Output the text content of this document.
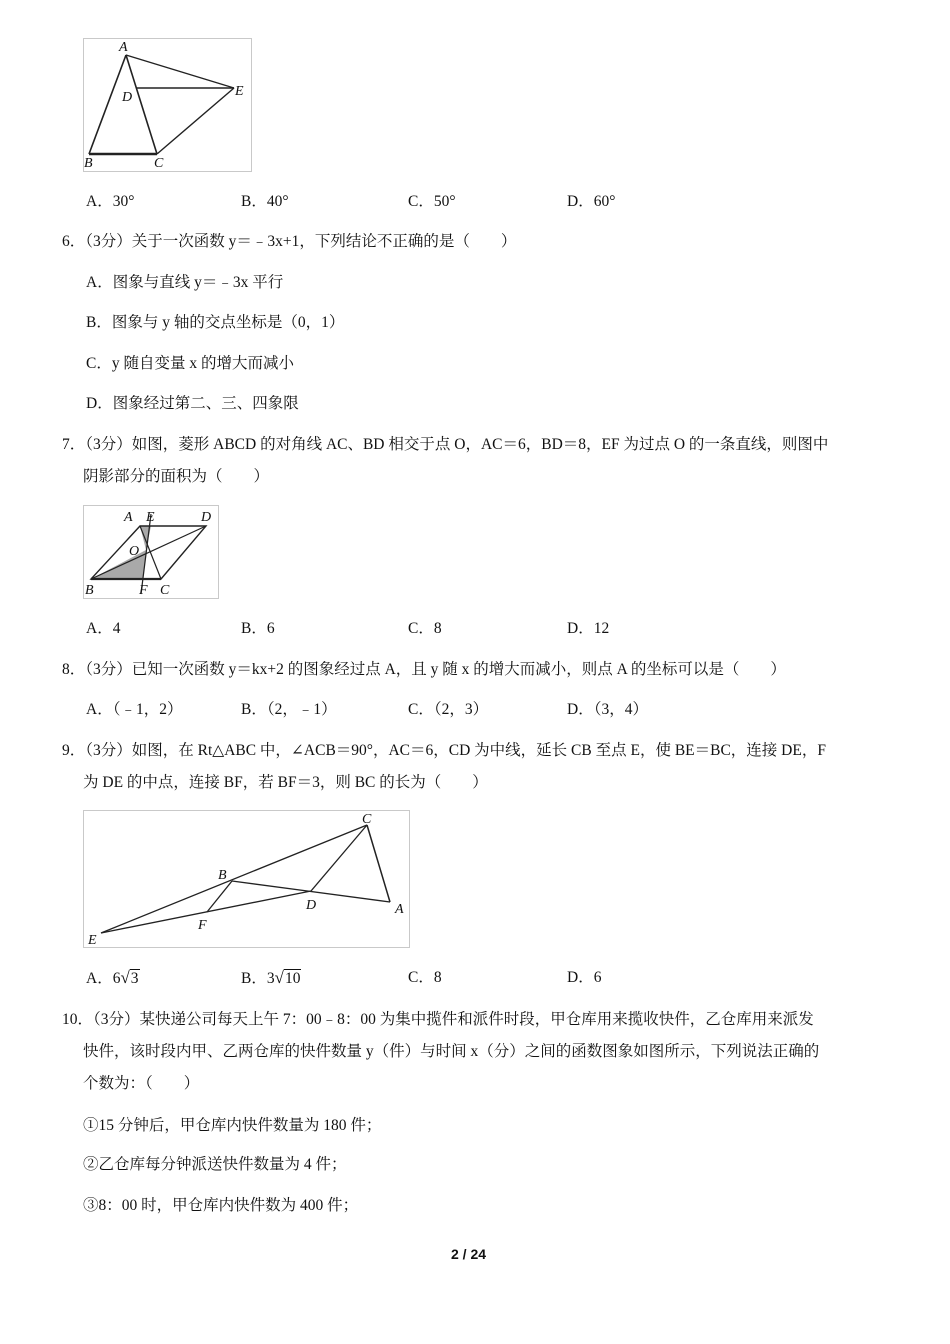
A
D	E
B	C
A．30°	B．40°	C．50°	D．60°
6．（3分）关于一次函数 y＝﹣3x+1，下列结论不正确的是（　　）
A．图象与直线 y＝﹣3x 平行
B．图象与 y 轴的交点坐标是（0，1）
C．y 随自变量 x 的增大而减小
D．图象经过第二、三、四象限
7．（3分）如图，菱形 ABCD 的对角线 AC、BD 相交于点 O，AC＝6，BD＝8，EF 为过点 O 的一条直线，则图中
阴影部分的面积为（　　）
A E	D
O
B	F C
A．4	B．6	C．8	D．12
8．（3分）已知一次函数 y＝kx+2 的图象经过点 A，且 y 随 x 的增大而减小，则点 A 的坐标可以是（　　）
A．（﹣1，2）	B．（2，﹣1）	C．（2，3）	D．（3，4）
9．（3分）如图，在 Rt△ABC 中，∠ACB＝90°，AC＝6，CD 为中线，延长 CB 至点 E，使 BE＝BC，连接 DE，F
为 DE 的中点，连接 BF，若 BF＝3，则 BC 的长为（　　）
C
B
D	A
E
F
A．6√3	B．3√10	C．8	D．6
10．（3分）某快递公司每天上午 7：00﹣8：00 为集中揽件和派件时段，甲仓库用来揽收快件，乙仓库用来派发
快件，该时段内甲、乙两仓库的快件数量 y（件）与时间 x（分）之间的函数图象如图所示，下列说法正确的
个数为：（　　）
①15 分钟后，甲仓库内快件数量为 180 件；
②乙仓库每分钟派送快件数量为 4 件；
③8：00 时，甲仓库内快件数为 400 件；
2 / 24
